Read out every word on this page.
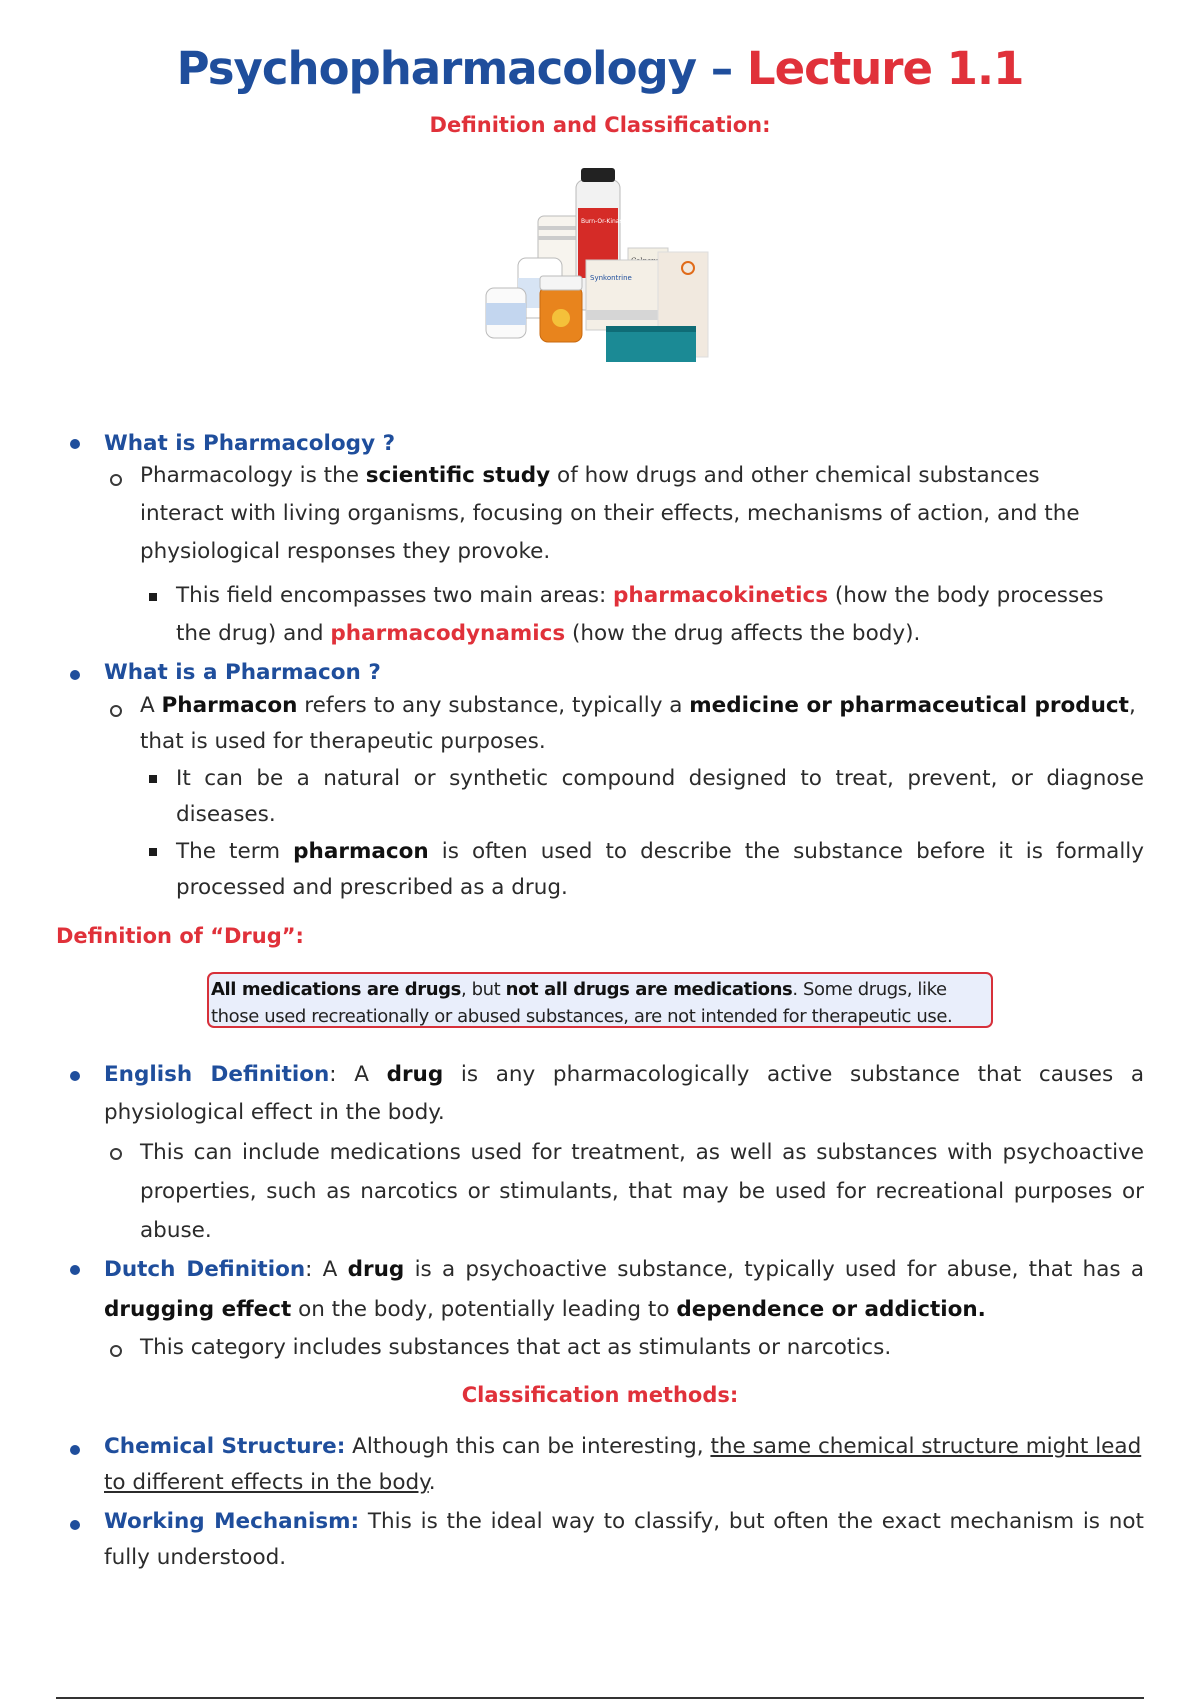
Psychopharmacology – Lecture 1.1
Definition and Classification:
Burn-Or-Kinase
Synkontrine
What is Pharmacology ?
Pharmacology is the scientific study of how drugs and other chemical substances interact with living organisms, focusing on their effects, mechanisms of action, and the physiological responses they provoke.
This field encompasses two main areas: pharmacokinetics (how the body processes the drug) and pharmacodynamics (how the drug affects the body).
What is a Pharmacon ?
A Pharmacon refers to any substance, typically a medicine or pharmaceutical product, that is used for therapeutic purposes.
It can be a natural or synthetic compound designed to treat, prevent, or diagnose diseases.
The term pharmacon is often used to describe the substance before it is formally processed and prescribed as a drug.
Definition of “Drug”:
All medications are drugs, but not all drugs are medications. Some drugs, like those used recreationally or abused substances, are not intended for therapeutic use.
English Definition: A drug is any pharmacologically active substance that causes a physiological effect in the body.
This can include medications used for treatment, as well as substances with psychoactive properties, such as narcotics or stimulants, that may be used for recreational purposes or abuse.
Dutch Definition: A drug is a psychoactive substance, typically used for abuse, that has a drugging effect on the body, potentially leading to dependence or addiction.
This category includes substances that act as stimulants or narcotics.
Classification methods:
Chemical Structure: Although this can be interesting, the same chemical structure might lead to different effects in the body.
Working Mechanism: This is the ideal way to classify, but often the exact mechanism is not fully understood.
